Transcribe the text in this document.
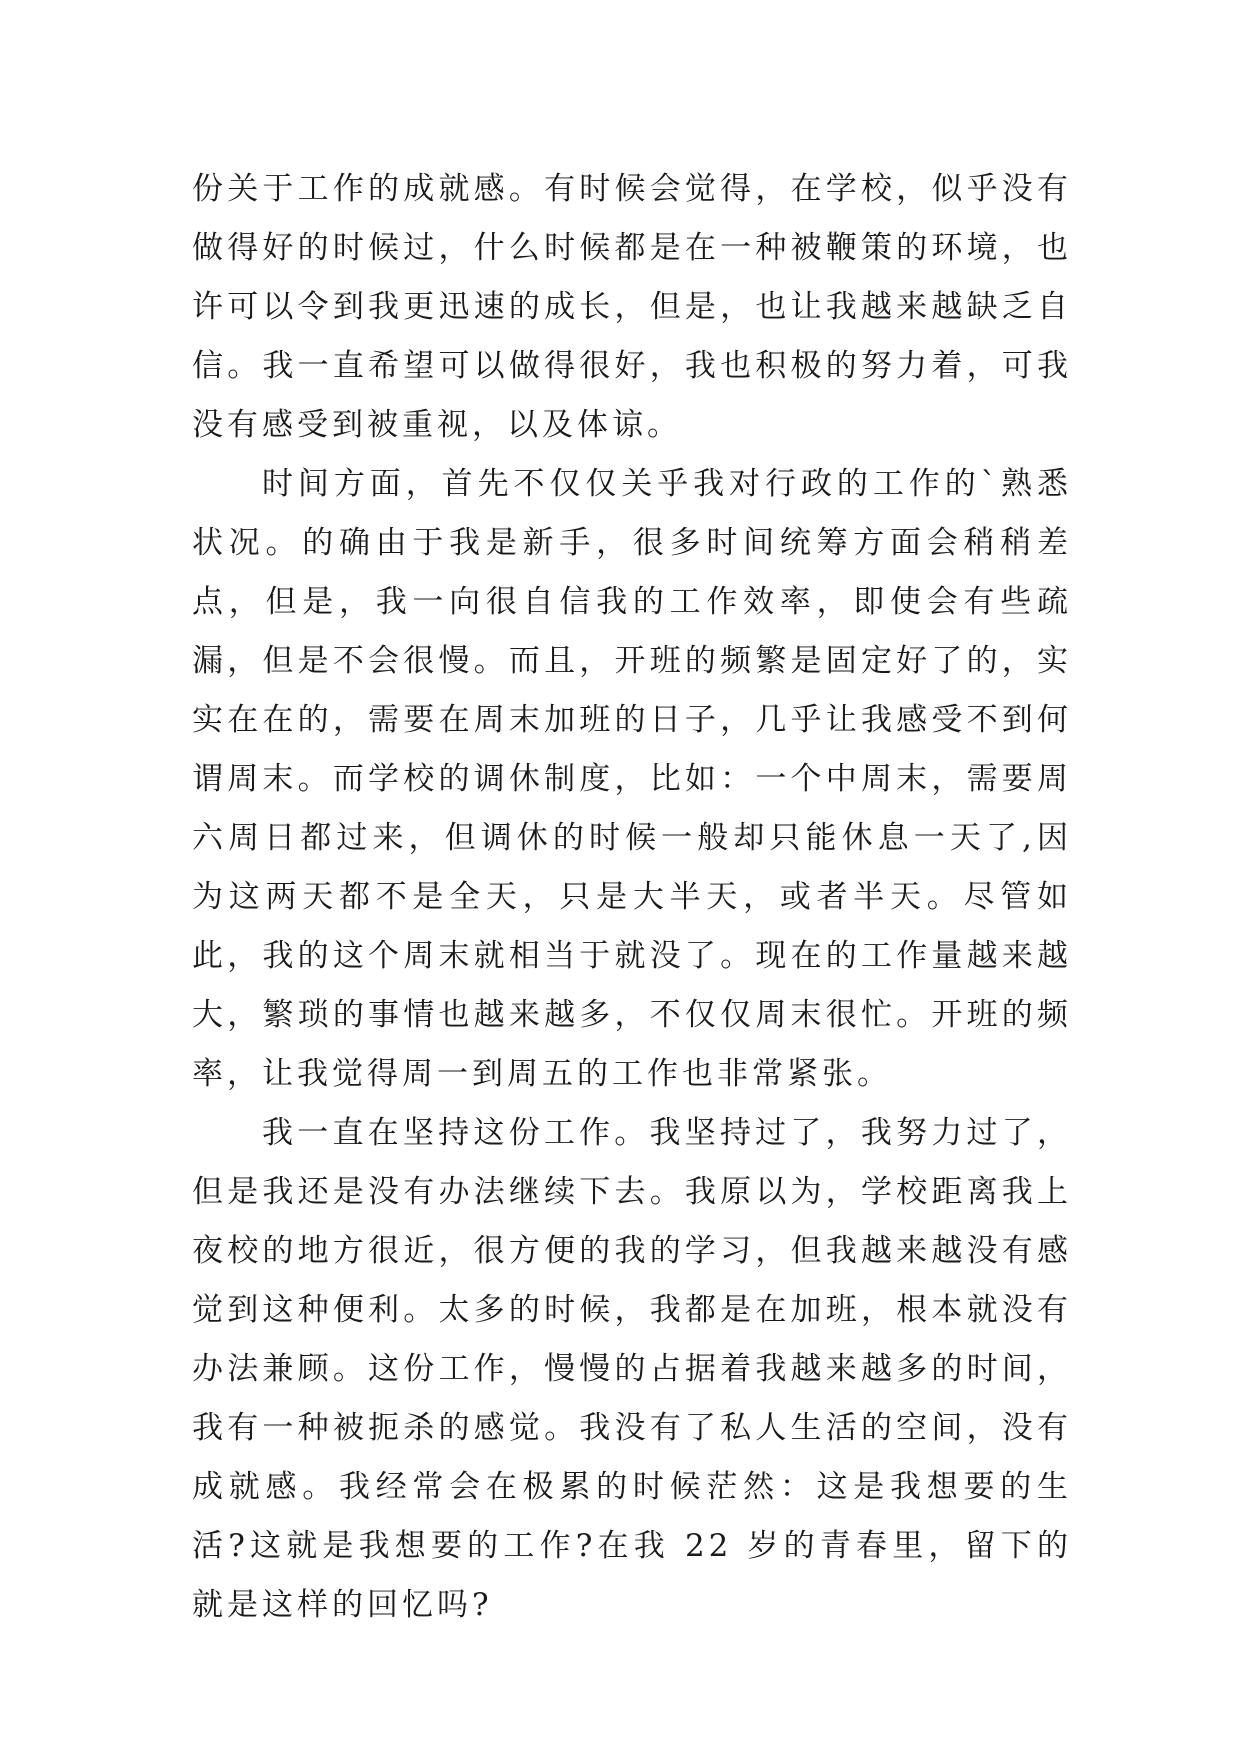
份关于工作的成就感。有时候会觉得，在学校，似乎没有做得好的时候过，什么时候都是在一种被鞭策的环境，也许可以令到我更迅速的成长，但是，也让我越来越缺乏自信。我一直希望可以做得很好，我也积极的努力着，可我没有感受到被重视，以及体谅。

时间方面，首先不仅仅关乎我对行政的工作的`熟悉状况。的确由于我是新手，很多时间统筹方面会稍稍差点，但是，我一向很自信我的工作效率，即使会有些疏漏，但是不会很慢。而且，开班的频繁是固定好了的，实实在在的，需要在周末加班的日子，几乎让我感受不到何谓周末。而学校的调休制度，比如：一个中周末，需要周六周日都过来，但调休的时候一般却只能休息一天了,因为这两天都不是全天，只是大半天，或者半天。尽管如此，我的这个周末就相当于就没了。现在的工作量越来越大，繁琐的事情也越来越多，不仅仅周末很忙。开班的频率，让我觉得周一到周五的工作也非常紧张。

我一直在坚持这份工作。我坚持过了，我努力过了，但是我还是没有办法继续下去。我原以为，学校距离我上夜校的地方很近，很方便的我的学习，但我越来越没有感觉到这种便利。太多的时候，我都是在加班，根本就没有办法兼顾。这份工作，慢慢的占据着我越来越多的时间，我有一种被扼杀的感觉。我没有了私人生活的空间，没有成就感。我经常会在极累的时候茫然：这是我想要的生活?这就是我想要的工作?在我 22 岁的青春里，留下的就是这样的回忆吗?
